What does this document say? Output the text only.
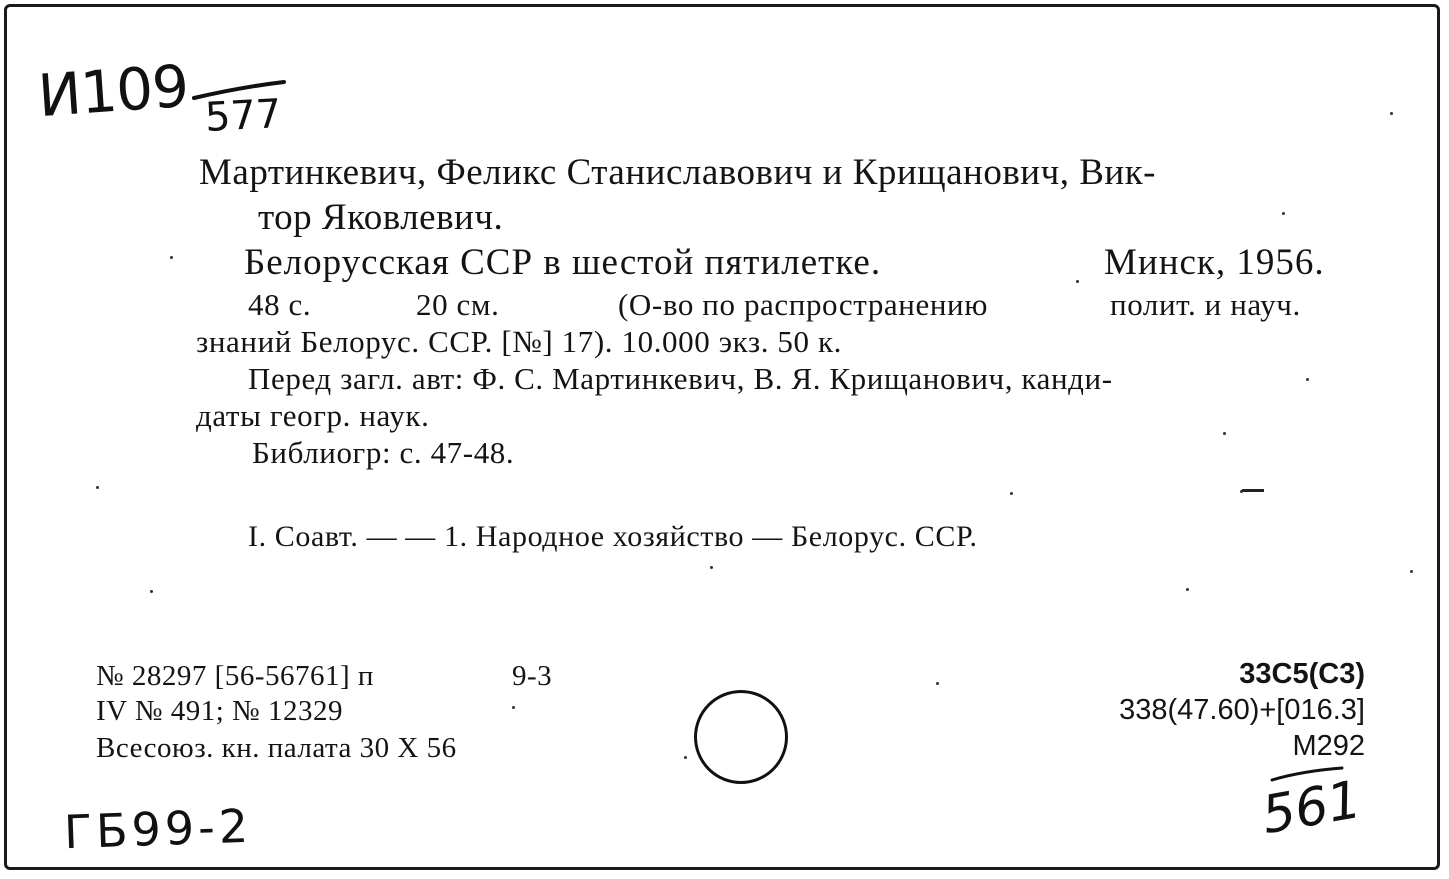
И109 577
Мартинкевич, Феликс Станиславович и Крищанович, Вик-
тор Яковлевич.
Белорусская ССР в шестой пятилетке.	Минск, 1956.
48 с.	20 см.	(О-во по распространению	полит. и науч.
знаний Белорус. ССР. [№] 17). 10.000 экз. 50 к.
Перед загл. авт: Ф. С. Мартинкевич, В. Я. Крищанович, канди-
даты геогр. наук.
Библиогр: с. 47-48.
I. Соавт. — — 1. Народное хозяйство — Белорус. ССР.
№ 28297 [56-56761] п	9-3
IV № 491; № 12329
Всесоюз. кн. палата 30 X 56
33С5(С3)
338(47.60)+[016.3]
М292
ГБ99-2	561
